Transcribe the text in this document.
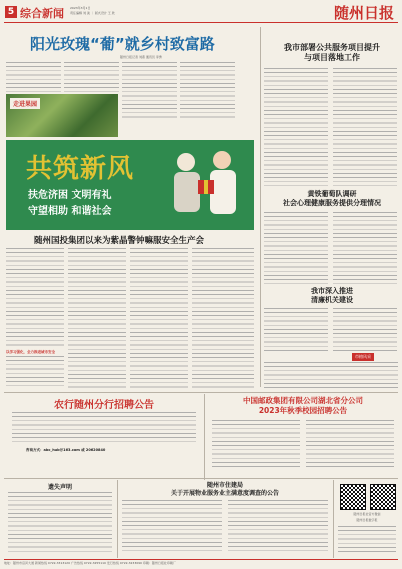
5 综合新闻 2023年3月1日
责任编辑 刘 美 ｜ 版式设计 王 欣	随州日报
阳光玫瑰“葡”就乡村致富路
随州日报记者 刘燕 通讯员 李勇
走进果园
我市部署公共服务项目提升
与项目落地工作
共筑新风
扶危济困 文明有礼
守望相助 和谐社会
黄铁葡萄队调研
社会心理健康服务提供分理情况
随州国投集团以来为紫晶警钟嘛服安全生产会
以学习强化，全力推进城市安全
我市深入推进
清廉机关建设
市榕风采
农行随州分行招聘公告
咨询方式：abc_hub@163.com 或 20620840
中国邮政集团有限公司湖北省分公司
2023年秋季校园招聘公告
遗失声明	随州市住建局
关于开展物业服务业主满意度调查的公告
随州日报社官方微信
随州日报数字报
地址：随州市沿河大道 新闻热线 0722-3313120 广告热线 0722-3255110 发行热线 0722-3233090 印刷：随州日报社印刷厂
